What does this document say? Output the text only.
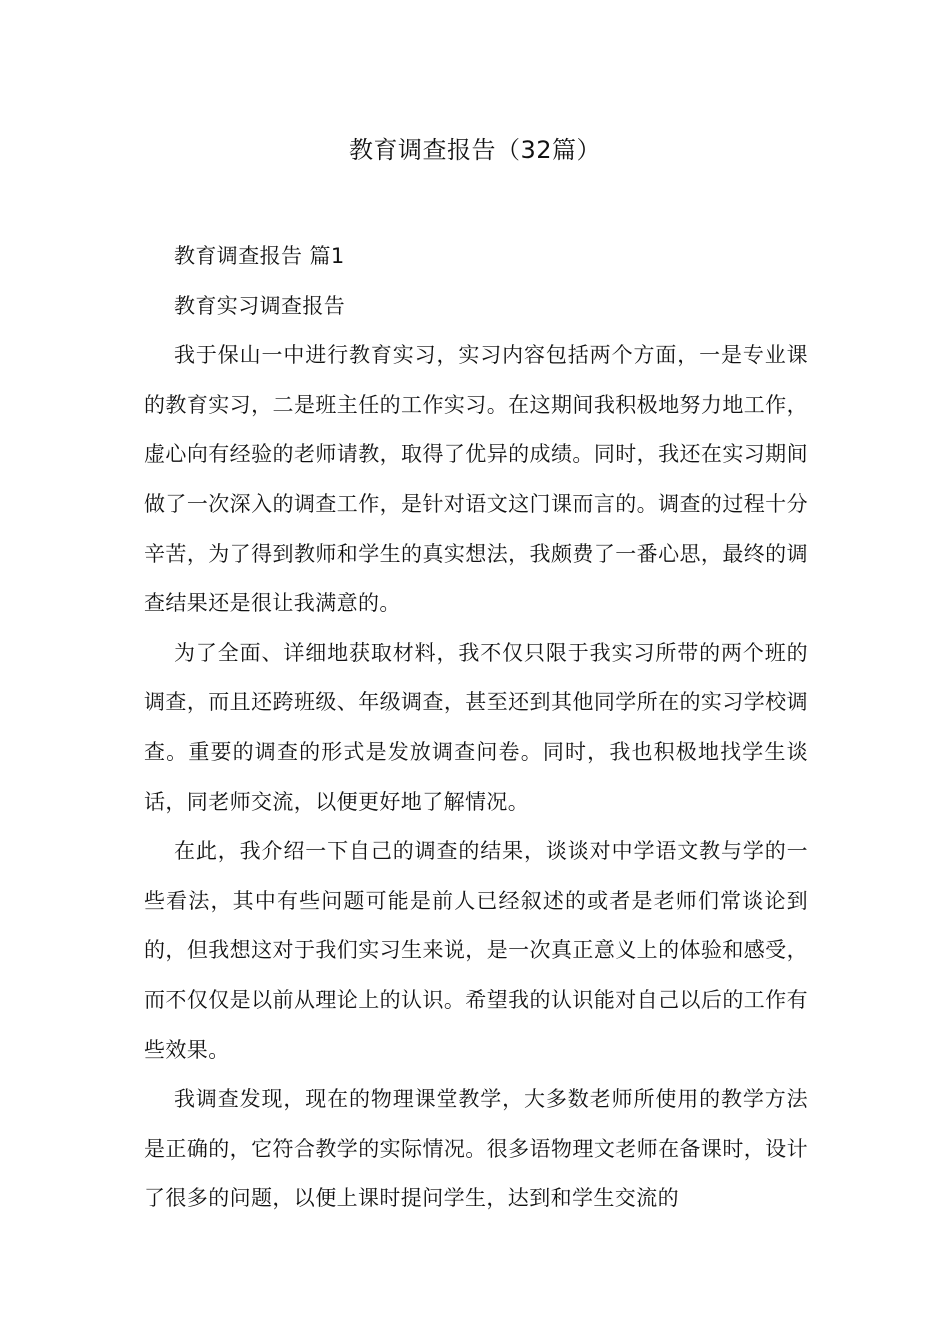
教育调查报告（32篇）

教育调查报告 篇1

教育实习调查报告

我于保山一中进行教育实习，实习内容包括两个方面，一是专业课的教育实习，二是班主任的工作实习。在这期间我积极地努力地工作，虚心向有经验的老师请教，取得了优异的成绩。同时，我还在实习期间做了一次深入的调查工作，是针对语文这门课而言的。调查的过程十分辛苦，为了得到教师和学生的真实想法，我颇费了一番心思，最终的调查结果还是很让我满意的。

为了全面、详细地获取材料，我不仅只限于我实习所带的两个班的调查，而且还跨班级、年级调查，甚至还到其他同学所在的实习学校调查。重要的调查的形式是发放调查问卷。同时，我也积极地找学生谈话，同老师交流，以便更好地了解情况。

在此，我介绍一下自己的调查的结果，谈谈对中学语文教与学的一些看法，其中有些问题可能是前人已经叙述的或者是老师们常谈论到的，但我想这对于我们实习生来说，是一次真正意义上的体验和感受，而不仅仅是以前从理论上的认识。希望我的认识能对自己以后的工作有些效果。

我调查发现，现在的物理课堂教学，大多数老师所使用的教学方法是正确的，它符合教学的实际情况。很多语物理文老师在备课时，设计了很多的问题，以便上课时提问学生，达到和学生交流的
